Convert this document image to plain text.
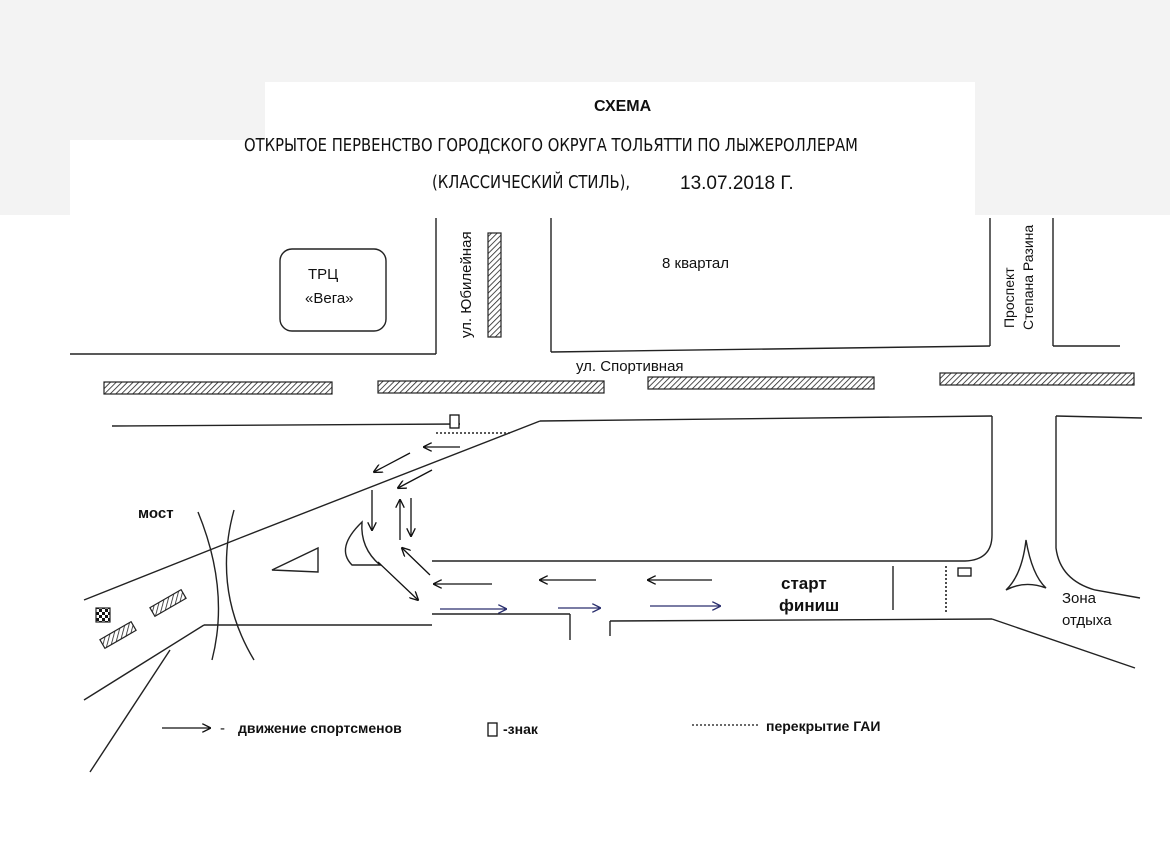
СХЕМА
ОТКРЫТОЕ ПЕРВЕНСТВО ГОРОДСКОГО ОКРУГА ТОЛЬЯТТИ ПО ЛЫЖЕРОЛЛЕРАМ
(КЛАССИЧЕСКИЙ СТИЛЬ),	13.07.2018 Г.
ТРЦ
«Вега»	ул. Юбилейная	8 квартал
Проспект Степана Разина
ул. Спортивная
мост
старт
финиш	Зона
отдыха
- движение спортсменов	-знак	перекрытие ГАИ
